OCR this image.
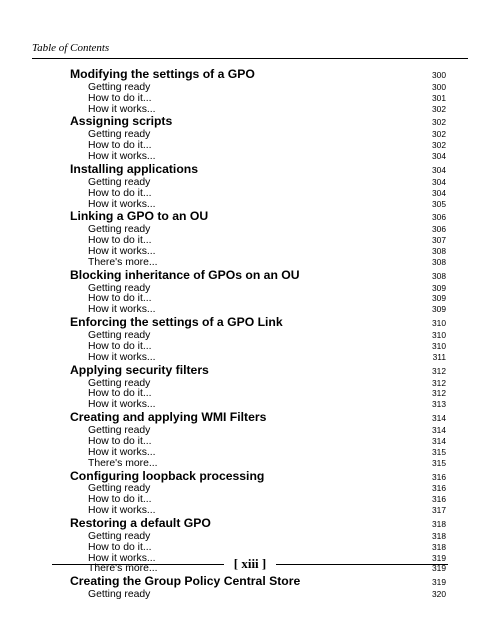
Table of Contents
Modifying the settings of a GPO	300
Getting ready	300
How to do it...	301
How it works...	302
Assigning scripts	302
Getting ready	302
How to do it...	302
How it works...	304
Installing applications	304
Getting ready	304
How to do it...	304
How it works...	305
Linking a GPO to an OU	306
Getting ready	306
How to do it...	307
How it works...	308
There's more...	308
Blocking inheritance of GPOs on an OU	308
Getting ready	309
How to do it...	309
How it works...	309
Enforcing the settings of a GPO Link	310
Getting ready	310
How to do it...	310
How it works...	311
Applying security filters	312
Getting ready	312
How to do it...	312
How it works...	313
Creating and applying WMI Filters	314
Getting ready	314
How to do it...	314
How it works...	315
There's more...	315
Configuring loopback processing	316
Getting ready	316
How to do it...	316
How it works...	317
Restoring a default GPO	318
Getting ready	318
How to do it...	318
How it works...	319
There's more...	319
Creating the Group Policy Central Store	319
Getting ready	320
[ xiii ]
